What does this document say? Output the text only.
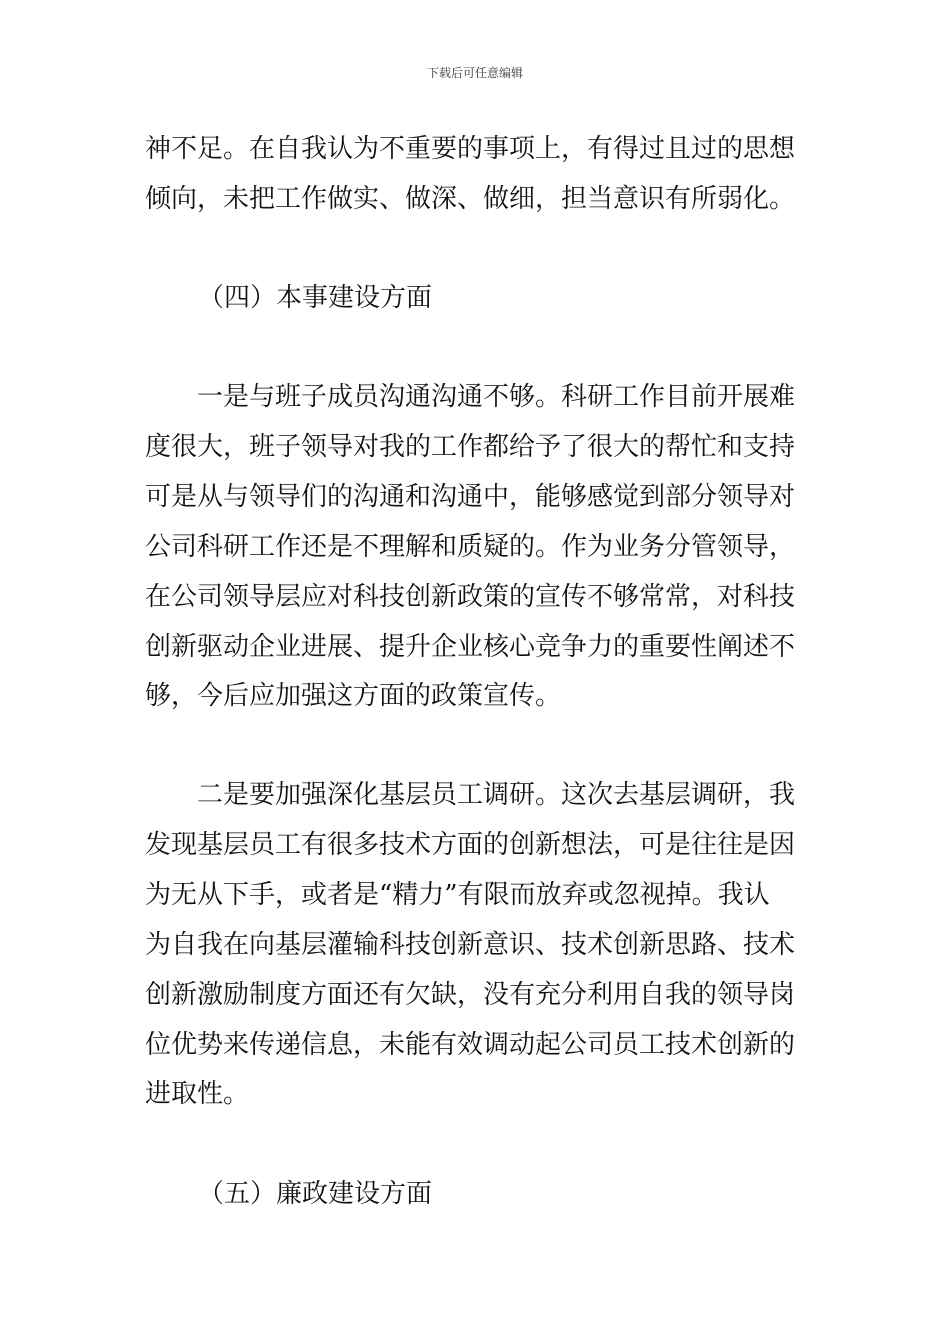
下载后可任意编辑
神不足。在自我认为不重要的事项上，有得过且过的思想
倾向，未把工作做实、做深、做细，担当意识有所弱化。
（四）本事建设方面
　　一是与班子成员沟通沟通不够。科研工作目前开展难
度很大，班子领导对我的工作都给予了很大的帮忙和支持
可是从与领导们的沟通和沟通中，能够感觉到部分领导对
公司科研工作还是不理解和质疑的。作为业务分管领导，
在公司领导层应对科技创新政策的宣传不够常常，对科技
创新驱动企业进展、提升企业核心竞争力的重要性阐述不
够，今后应加强这方面的政策宣传。
　　二是要加强深化基层员工调研。这次去基层调研，我
发现基层员工有很多技术方面的创新想法，可是往往是因
为无从下手，或者是“精力”有限而放弃或忽视掉。我认
为自我在向基层灌输科技创新意识、技术创新思路、技术
创新激励制度方面还有欠缺，没有充分利用自我的领导岗
位优势来传递信息，未能有效调动起公司员工技术创新的
进取性。
（五）廉政建设方面
